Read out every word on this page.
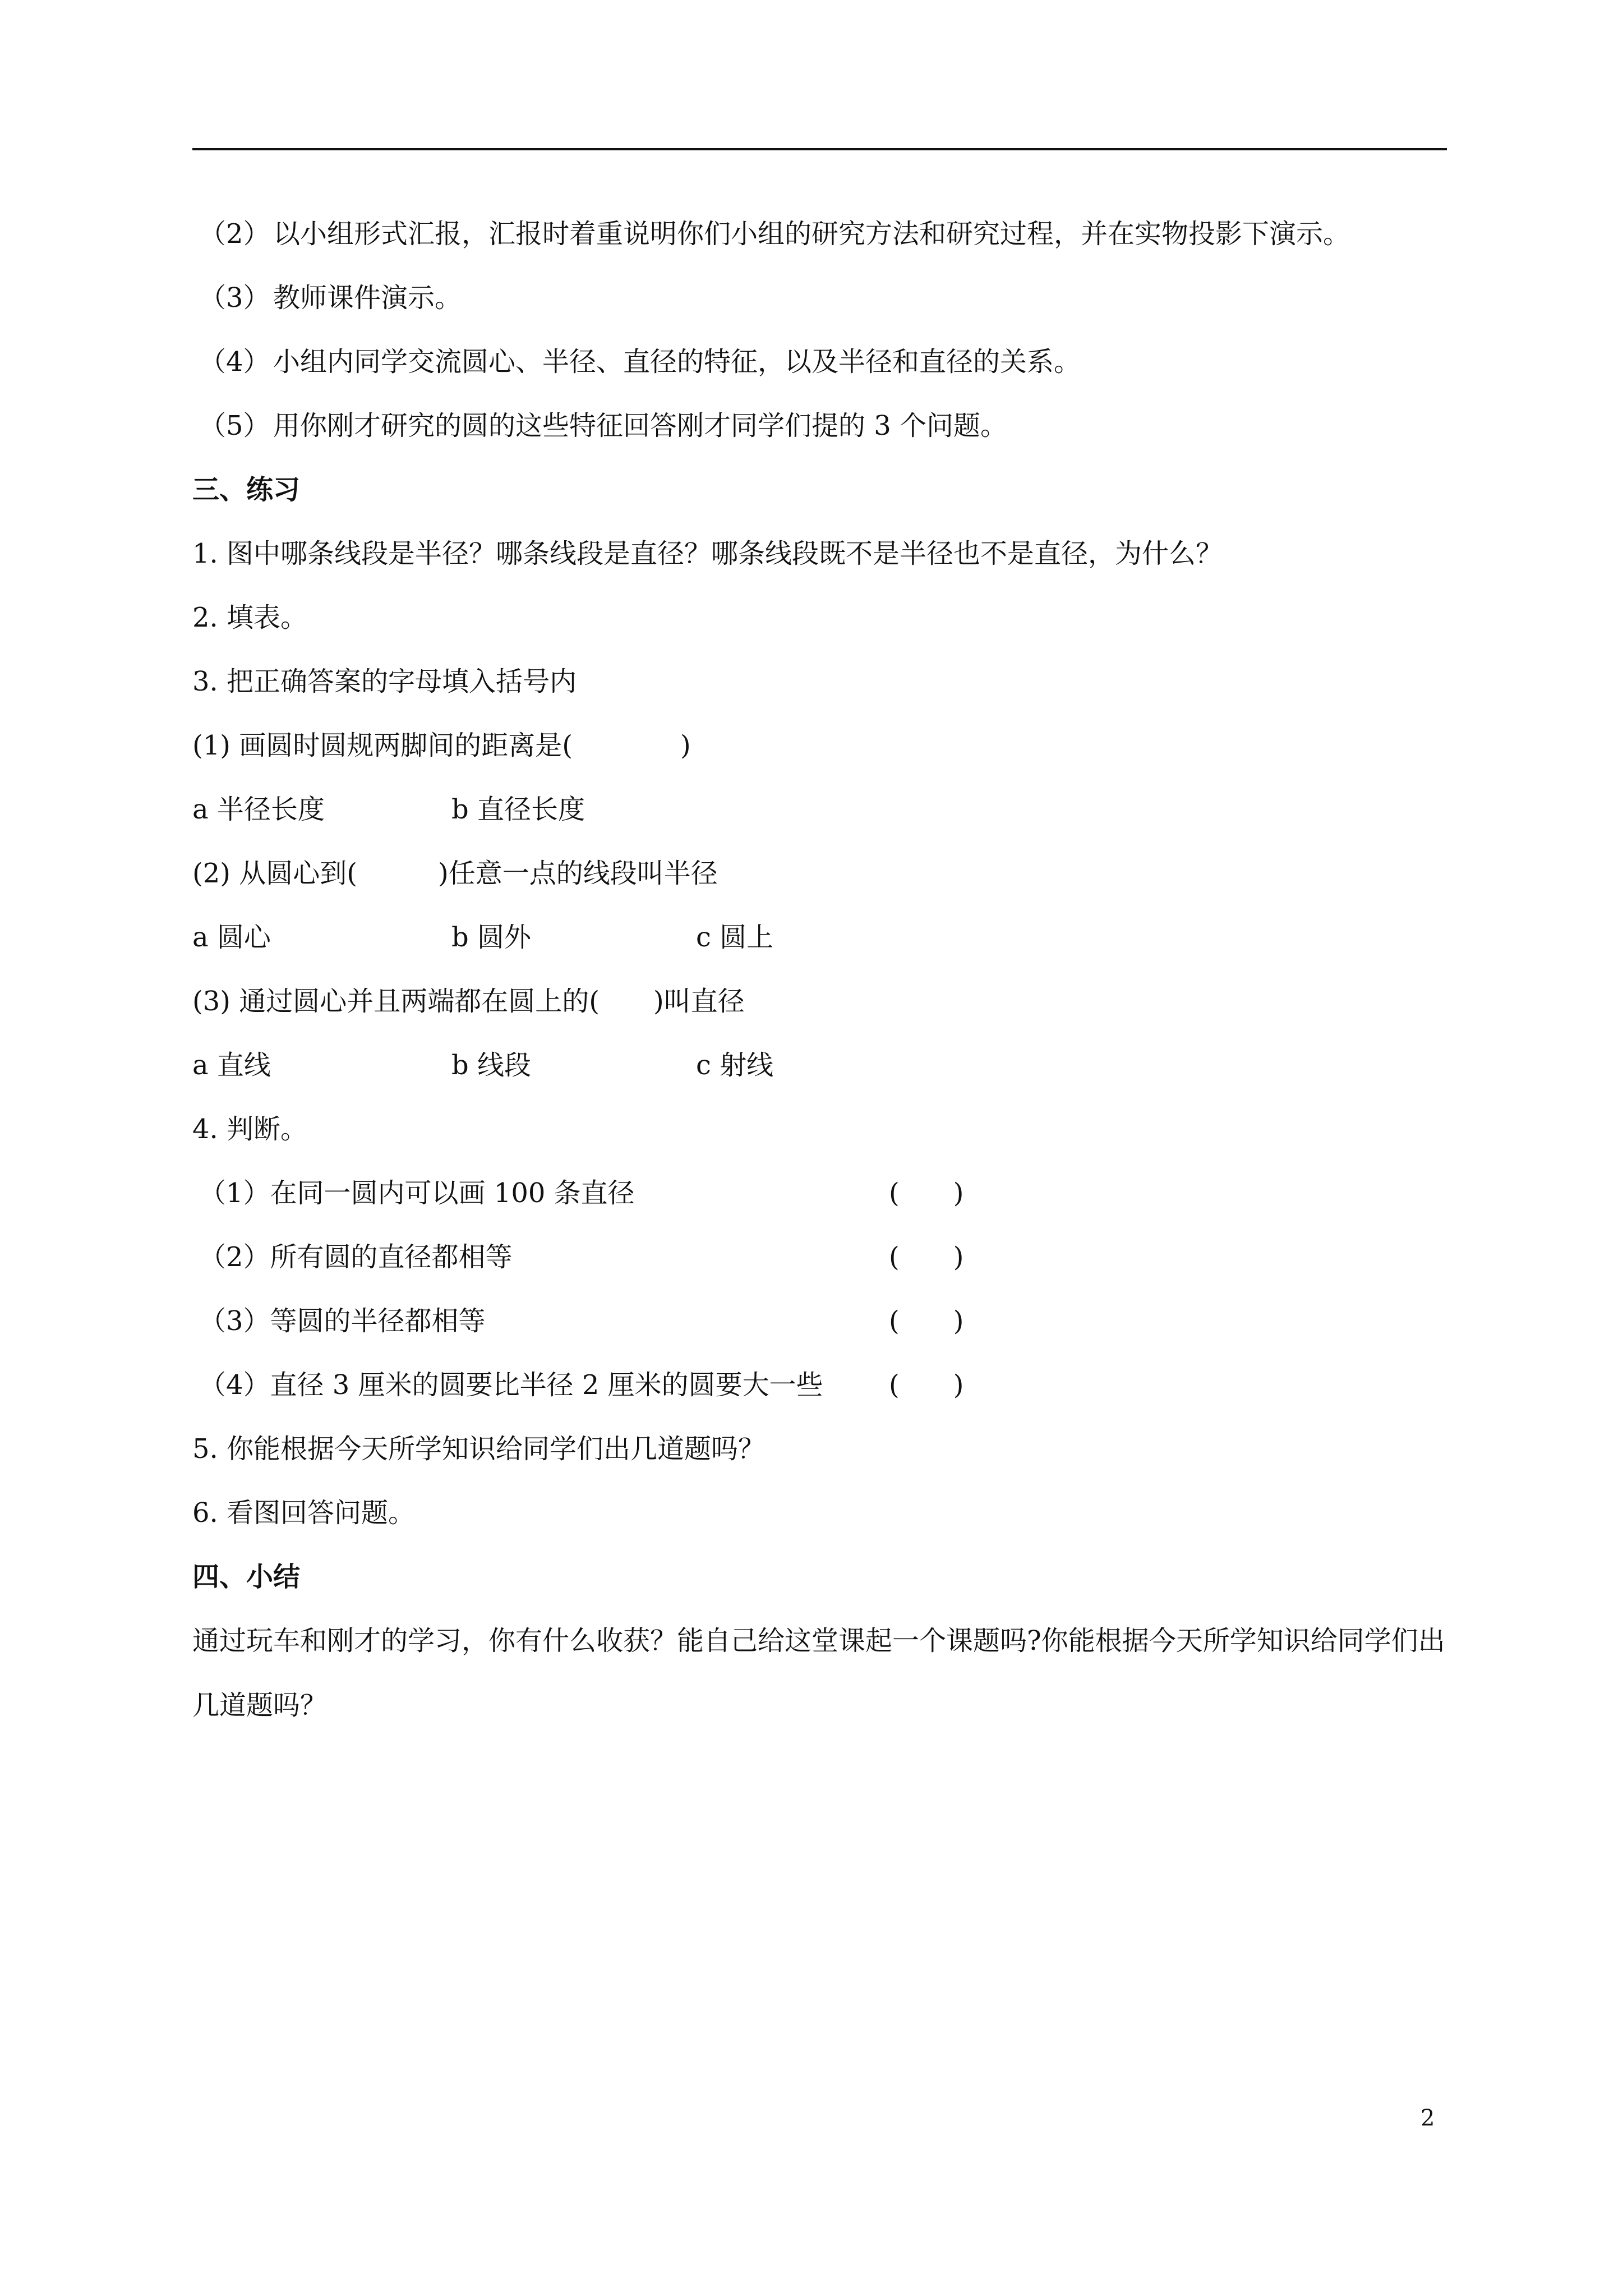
（2） 以小组形式汇报，汇报时着重说明你们小组的研究方法和研究过程，并在实物投影下演示。
（3） 教师课件演示。
（4） 小组内同学交流圆心、半径、直径的特征，以及半径和直径的关系。
（5） 用你刚才研究的圆的这些特征回答刚才同学们提的 3 个问题。
三、练习
1. 图中哪条线段是半径？哪条线段是直径？哪条线段既不是半径也不是直径，为什么？
2. 填表。
3. 把正确答案的字母填入括号内
(1) 画圆时圆规两脚间的距离是(　　　　)
a 半径长度	b 直径长度
(2) 从圆心到(　　　)任意一点的线段叫半径
a 圆心	b 圆外	c 圆上
(3) 通过圆心并且两端都在圆上的(　　)叫直径
a 直线	b 线段	c 射线
4. 判断。
（1）在同一圆内可以画 100 条直径	(　　)
（2）所有圆的直径都相等	(　　)
（3）等圆的半径都相等	(　　)
（4）直径 3 厘米的圆要比半径 2 厘米的圆要大一些	(　　)
5. 你能根据今天所学知识给同学们出几道题吗？
6. 看图回答问题。
四、小结
通过玩车和刚才的学习，你有什么收获？能自己给这堂课起一个课题吗?你能根据今天所学知识给同学们出几道题吗？
2
